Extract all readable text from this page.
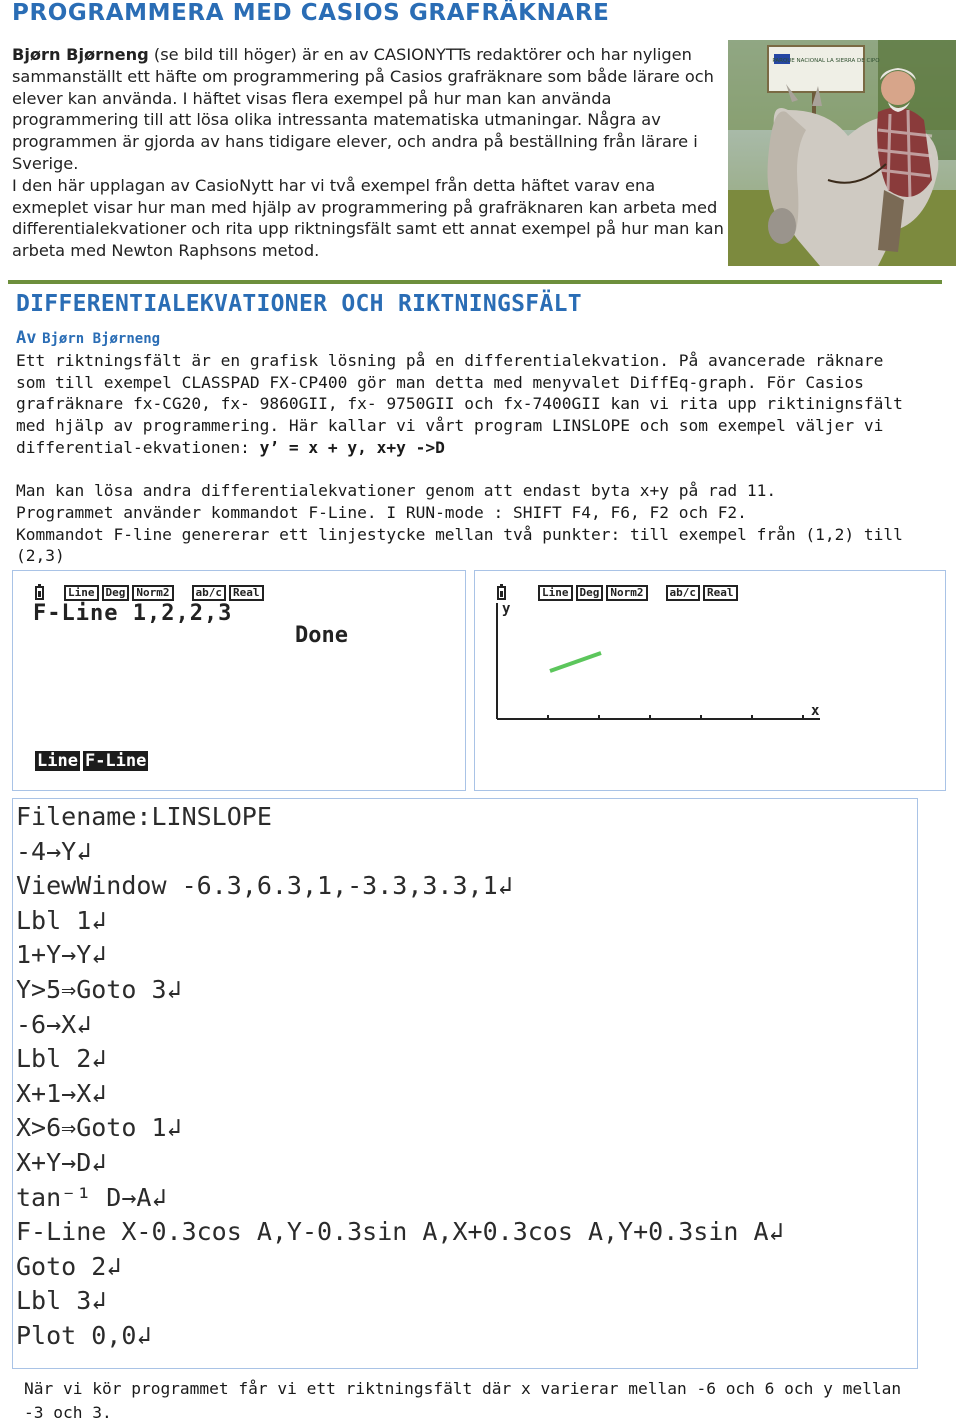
PROGRAMMERA MED CASIOS GRAFRÄKNARE

Bjørn Bjørneng (se bild till höger) är en av CASIONYTTs redaktörer och har nyligen sammanställt ett häfte om programmering på Casios grafräknare som både lärare och elever kan använda. I häftet visas flera exempel på hur man kan använda programmering till att lösa olika intressanta matematiska utmaningar. Några av programmen är gjorda av hans tidigare elever, och andra på beställning från lärare i Sverige.

I den här upplagan av CasioNytt har vi två exempel från detta häftet varav ena exmeplet visar hur man med hjälp av programmering på grafräknaren kan arbeta med differentialekvationer och rita upp riktningsfält samt ett annat exempel på hur man kan arbeta med Newton Raphsons metod.

PARQUE NACIONAL LA SIERRA DE CIPO
DIFFERENTIALEKVATIONER OCH RIKTNINGSFÄLT
Av Bjørn Bjørneng

Ett riktningsfält är en grafisk lösning på en differentialekvation. På avancerade räknare som till exempel CLASSPAD FX-CP400 gör man detta med menyvalet DiffEq-graph. För Casios grafräknare fx-CG20, fx- 9860GII, fx- 9750GII och fx-7400GII kan vi rita upp riktinignsfält med hjälp av programmering. Här kallar vi vårt program LINSLOPE och som exempel väljer vi differential-ekvationen: y’ = x + y, x+y ->D

Man kan lösa andra differentialekvationer genom att endast byta x+y på rad 11.
Programmet använder kommandot F-Line. I RUN-mode : SHIFT F4, F6, F2 och F2.
Kommandot F-line genererar ett linjestycke mellan två punkter: till exempel från (1,2) till (2,3)

Line	Deg	Norm2	ab/c	Real
F-Line 1,2,2,3
Done
Line F-Line
Line	Deg	Norm2	ab/c	Real
y
x
Filename:LINSLOPE
-4→Y↲
ViewWindow -6.3,6.3,1,-3.3,3.3,1↲
Lbl 1↲
1+Y→Y↲
Y>5⇒Goto 3↲
-6→X↲
Lbl 2↲
X+1→X↲
X>6⇒Goto 1↲
X+Y→D↲
tan⁻¹ D→A↲
F-Line X-0.3cos A,Y-0.3sin A,X+0.3cos A,Y+0.3sin A↲
Goto 2↲
Lbl 3↲
Plot 0,0↲
När vi kör programmet får vi ett riktningsfält där x varierar mellan -6 och 6 och y mellan -3 och 3.
